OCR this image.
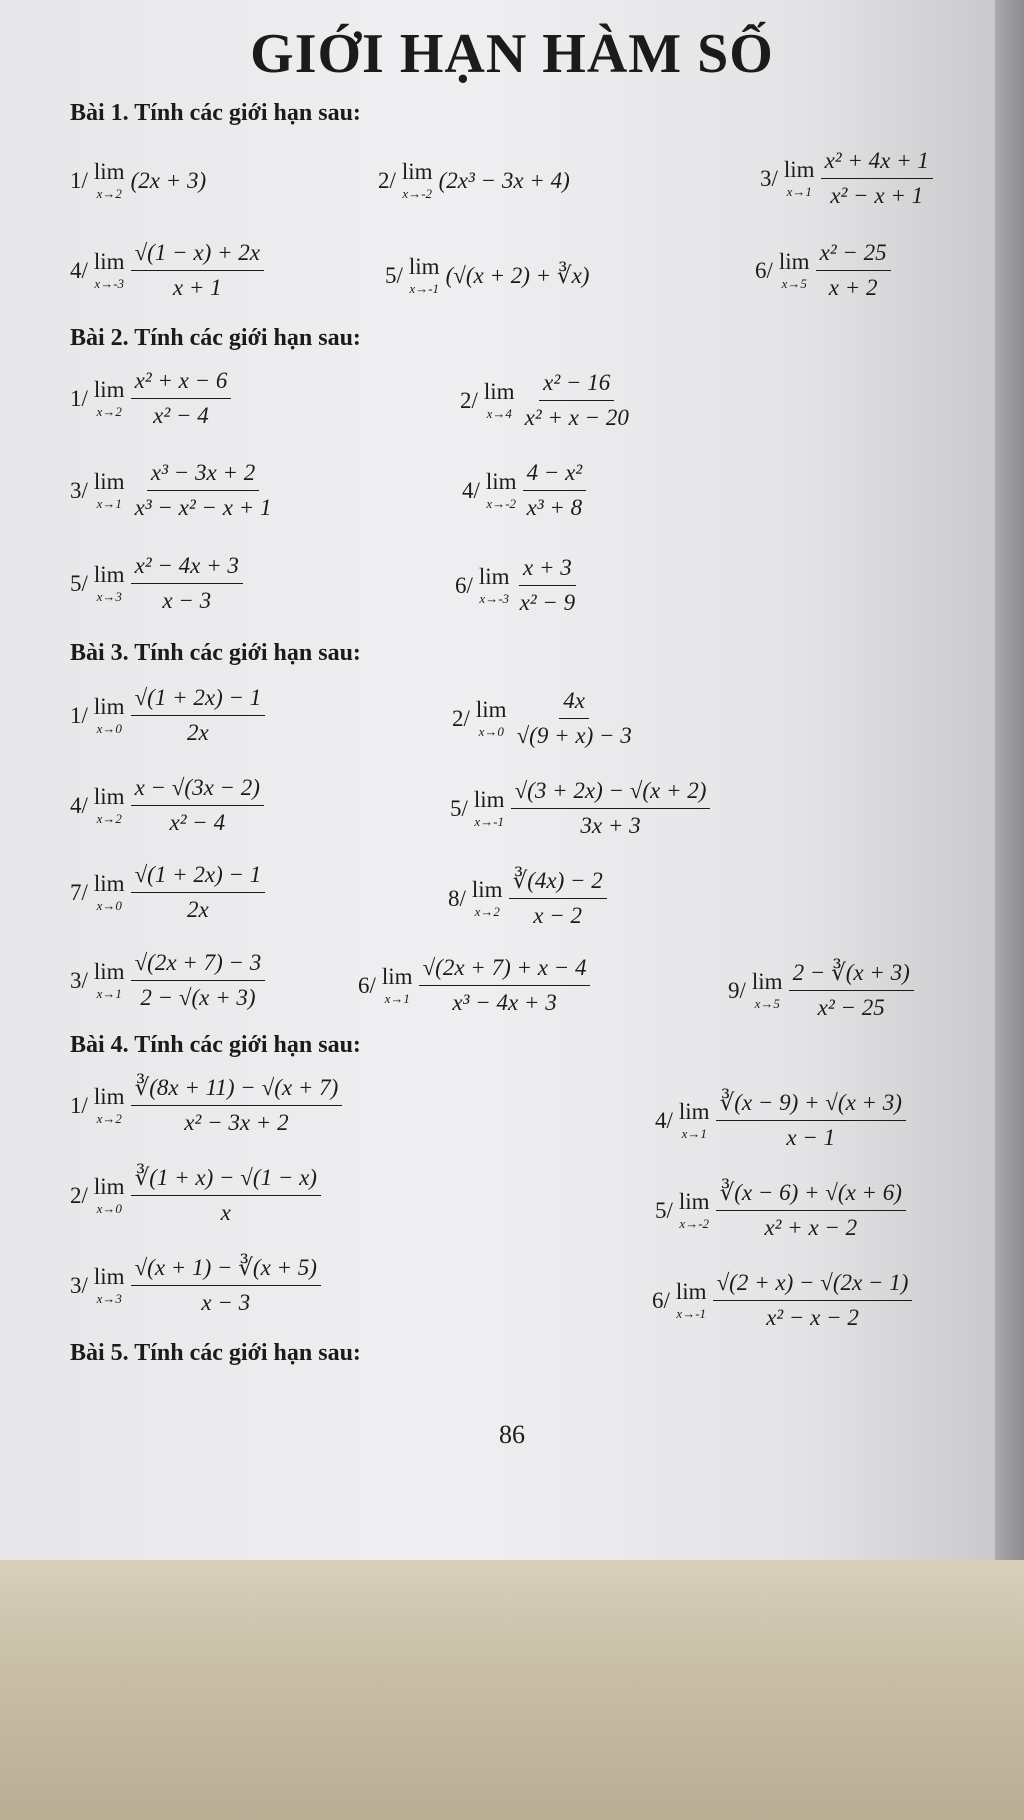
GIỚI HẠN HÀM SỐ
Bài 1. Tính các giới hạn sau:
Bài 2. Tính các giới hạn sau:
Bài 3. Tính các giới hạn sau:
Bài 4. Tính các giới hạn sau:
Bài 5. Tính các giới hạn sau:
1/ lim
x→2
(2x + 3)	2/ lim
x→-2
(2x³ − 3x + 4)	3/ lim
$x\to 1 \frac{\text{x² + 4x + 1}}{\text{x² − x + 1}}$
4/ lim
$x\to-3 \frac{√(1 - x) + 2x}{x + 1}$	5/ lim
x→-1
(√(x + 2) + ∛x)	6/ lim
$x\to 5 \frac{\text{x² − 25}}{x + 2}$
1/ lim
$x\to 2 \frac{\text{x² + x − 6}}{\text{x² − 4}}$	2/ lim
$x\to 4 \frac{\text{x² − 16}}{\text{x² + x − 20}}$
3/ lim
$x\to 1 \frac{\text{x³ − 3x + 2}}{\text{x³ − x² − x + 1}}$	4/ lim
$x\to-2 \frac{\text{4 − x²}}{\text{x³ + 8}}$
5/ lim
$x\to 3 \frac{\text{x² − 4x + 3}}{x - 3}$	6/ lim
$x\to-3 \frac{x + 3}{\text{x² − 9}}$
1/ lim
$x\to 0 \frac{√(1 + 2x) - 1}{2x}$	2/ lim
$x\to 0 \frac{4x}{√(9 + x) - 3}$
4/ lim
$x\to 2 \frac{x - √(3x - 2)}{\text{x² − 4}}$	5/ lim
$x\to-1 \frac{√(3 + 2x) - √(x + 2)}{3x + 3}$
7/ lim
$x\to 0 \frac{√(1 + 2x) - 1}{2x}$	8/ lim
$x\to 2 \frac{∛(4x) - 2}{x - 2}$
3/ lim
$x\to 1 \frac{√(2x + 7) - 3}{2 - √(x + 3)}$	6/ lim
$x\to 1 \frac{√(2x + 7) + x - 4}{\text{x³ − 4x + 3}}$	9/ lim
$x\to 5 \frac{2 - ∛(x + 3)}{\text{x² − 25}}$
1/ lim
$x\to 2 \frac{∛(8x + 11) - √(x + 7)}{\text{x² − 3x + 2}}$	4/ lim
$x\to 1 \frac{∛(x - 9) + √(x + 3)}{x - 1}$
2/ lim
$x\to 0 \frac{∛(1 + x) - √(1 - x)}{x}$	5/ lim
$x\to-2 \frac{∛(x - 6) + √(x + 6)}{\text{x² + x − 2}}$
3/ lim
$x\to 3 \frac{√(x + 1) - ∛(x + 5)}{x - 3}$	6/ lim
$x\to-1 \frac{√(2 + x) - √(2x - 1)}{\text{x² − x − 2}}$
86
